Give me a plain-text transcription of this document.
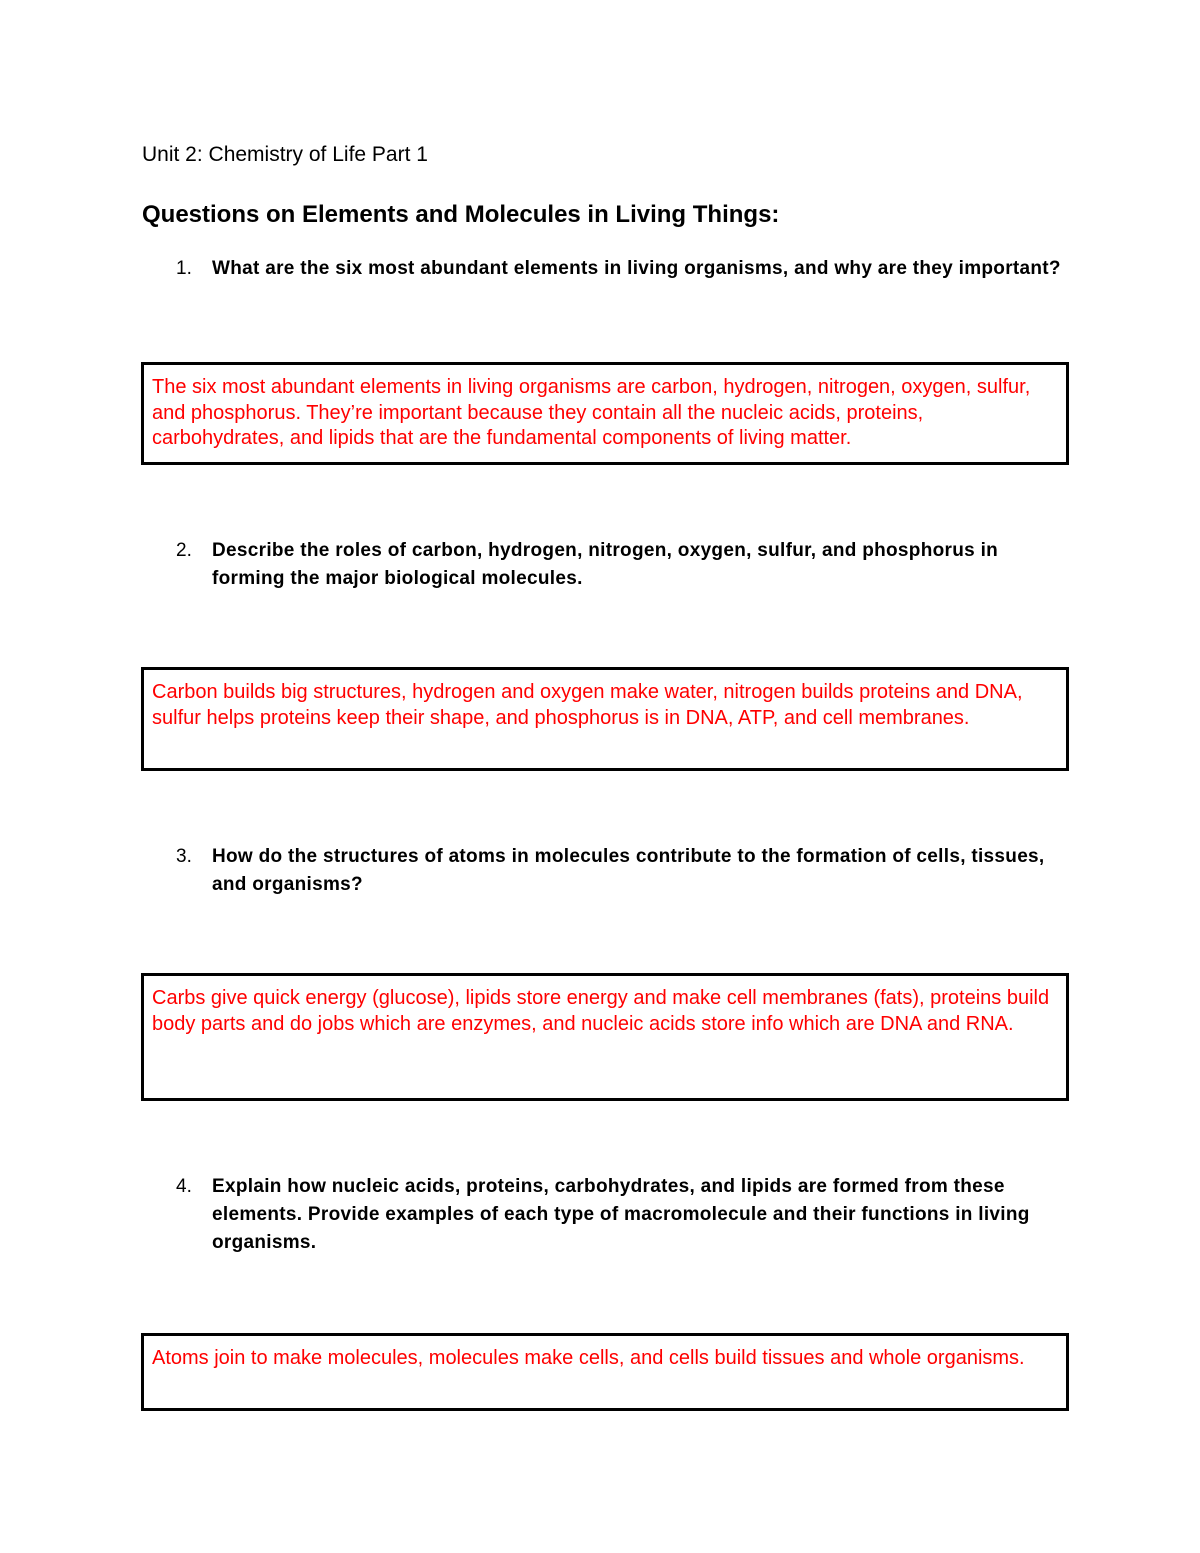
Unit 2: Chemistry of Life Part 1
Questions on Elements and Molecules in Living Things:
1. What are the six most abundant elements in living organisms, and why are they important?
The six most abundant elements in living organisms are carbon, hydrogen, nitrogen, oxygen, sulfur, and phosphorus. They’re important because they contain all the nucleic acids, proteins, carbohydrates, and lipids that are the fundamental components of living matter.
2. Describe the roles of carbon, hydrogen, nitrogen, oxygen, sulfur, and phosphorus in forming the major biological molecules.
Carbon builds big structures, hydrogen and oxygen make water, nitrogen builds proteins and DNA, sulfur helps proteins keep their shape, and phosphorus is in DNA, ATP, and cell membranes.
3. How do the structures of atoms in molecules contribute to the formation of cells, tissues, and organisms?
Carbs give quick energy (glucose), lipids store energy and make cell membranes (fats), proteins build body parts and do jobs which are enzymes, and nucleic acids store info which are DNA and RNA.
4. Explain how nucleic acids, proteins, carbohydrates, and lipids are formed from these elements. Provide examples of each type of macromolecule and their functions in living organisms.
Atoms join to make molecules, molecules make cells, and cells build tissues and whole organisms.
